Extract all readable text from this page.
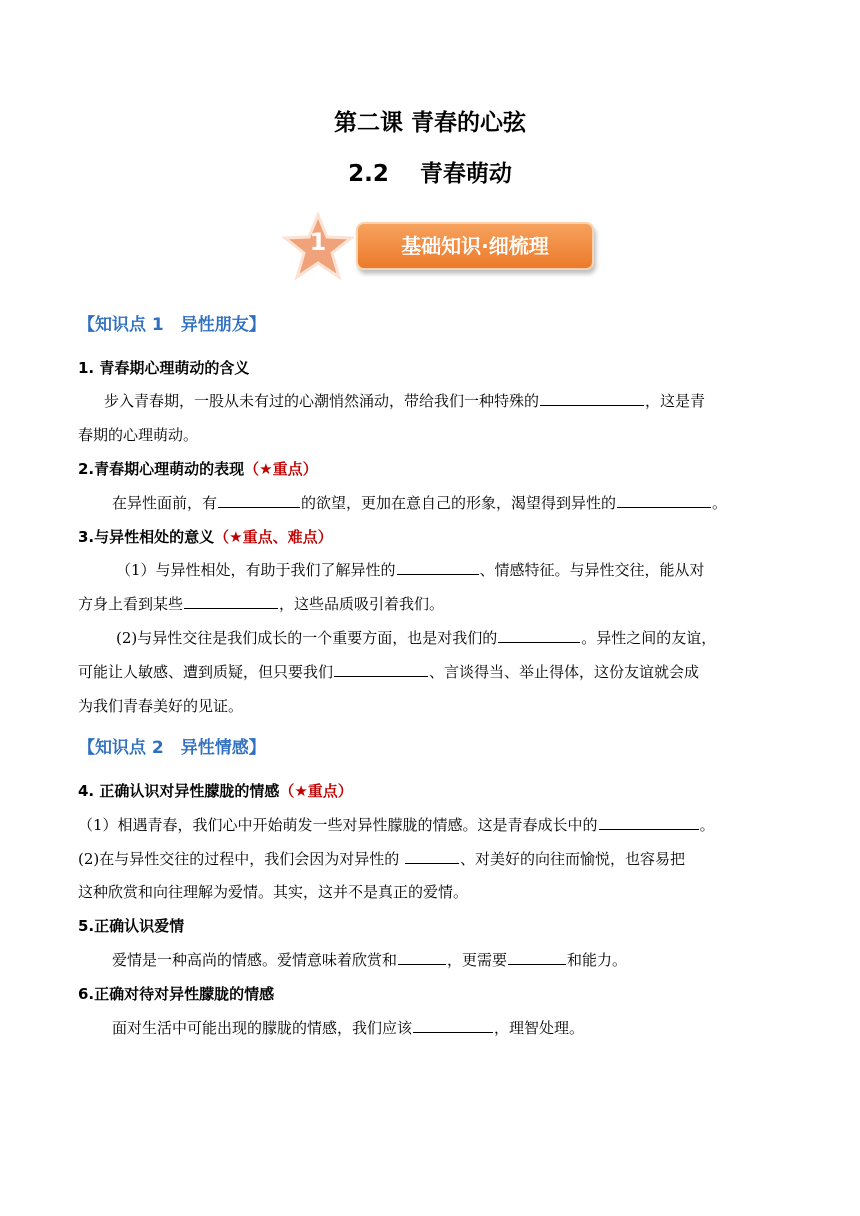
第二课 青春的心弦
2.2　 青春萌动
1	基础知识·细梳理
【知识点 1　异性朋友】
1. 青春期心理萌动的含义
步入青春期，一股从未有过的心潮悄然涌动，带给我们一种特殊的	，这是青
春期的心理萌动。
2.青春期心理萌动的表现（★重点）
在异性面前，有	的欲望，更加在意自己的形象，渴望得到异性的	。
3.与异性相处的意义（★重点、难点）
（1）与异性相处，有助于我们了解异性的	、情感特征。与异性交往，能从对
方身上看到某些	，这些品质吸引着我们。
(2)与异性交往是我们成长的一个重要方面，也是对我们的	。异性之间的友谊，
可能让人敏感、遭到质疑，但只要我们	、言谈得当、举止得体，这份友谊就会成
为我们青春美好的见证。
【知识点 2　异性情感】
4. 正确认识对异性朦胧的情感（★重点）
（1）相遇青春，我们心中开始萌发一些对异性朦胧的情感。这是青春成长中的	。
(2)在与异性交往的过程中，我们会因为对异性的	、对美好的向往而愉悦，也容易把
这种欣赏和向往理解为爱情。其实，这并不是真正的爱情。
5.正确认识爱情
爱情是一种高尚的情感。爱情意味着欣赏和	，更需要	和能力。
6.正确对待对异性朦胧的情感
面对生活中可能出现的朦胧的情感，我们应该	，理智处理。
